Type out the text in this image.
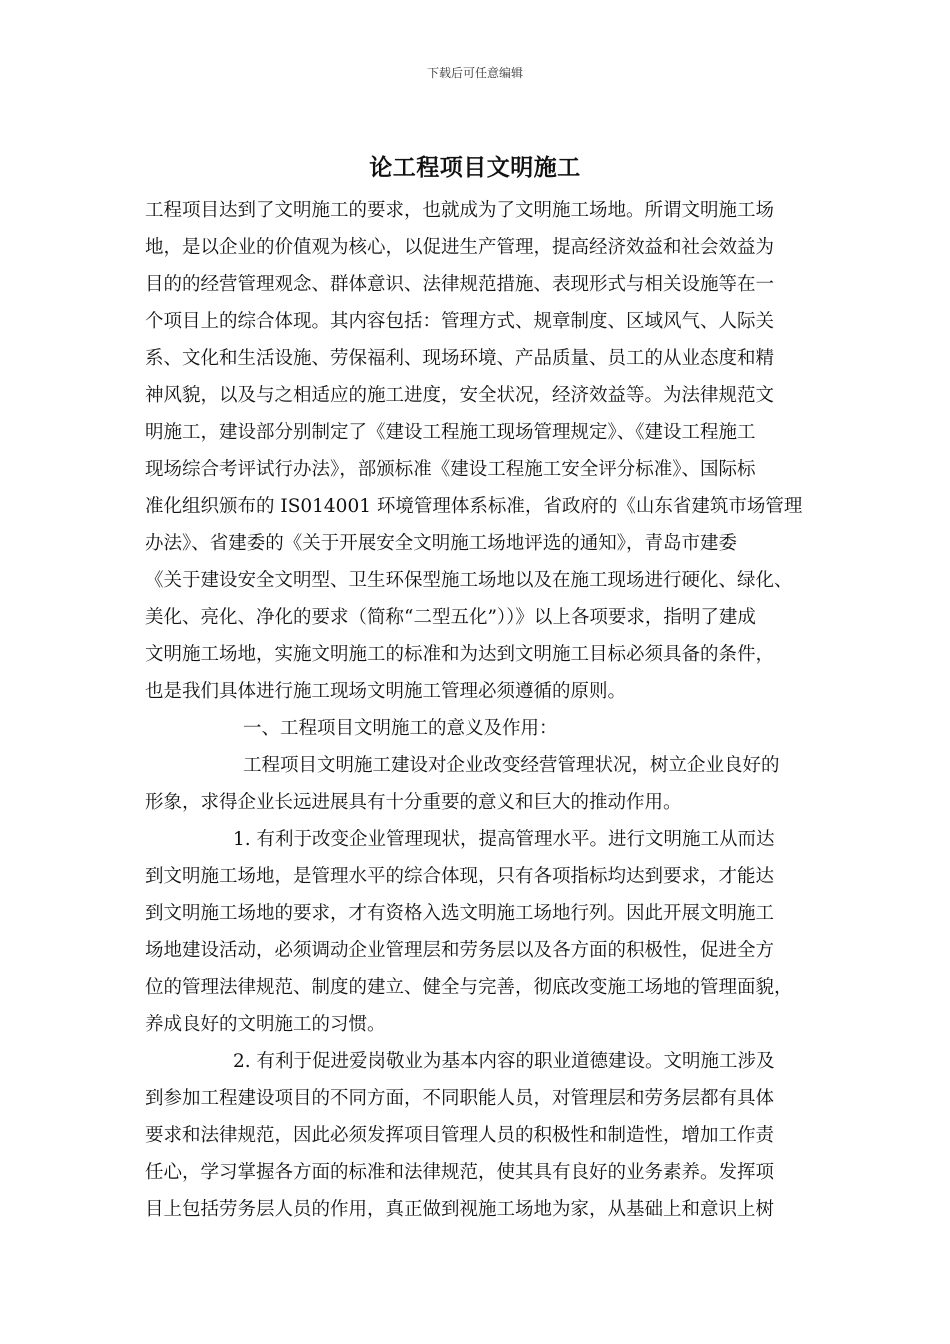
下载后可任意编辑
论工程项目文明施工
工程项目达到了文明施工的要求，也就成为了文明施工场地。所谓文明施工场
地，是以企业的价值观为核心，以促进生产管理，提高经济效益和社会效益为
目的的经营管理观念、群体意识、法律规范措施、表现形式与相关设施等在一
个项目上的综合体现。其内容包括：管理方式、规章制度、区域风气、人际关
系、文化和生活设施、劳保福利、现场环境、产品质量、员工的从业态度和精
神风貌，以及与之相适应的施工进度，安全状况，经济效益等。为法律规范文
明施工，建设部分别制定了《建设工程施工现场管理规定》、《建设工程施工
现场综合考评试行办法》，部颁标准《建设工程施工安全评分标准》、国际标
准化组织颁布的 IS014001 环境管理体系标准，省政府的《山东省建筑市场管理
办法》、省建委的《关于开展安全文明施工场地评选的通知》，青岛市建委
《关于建设安全文明型、卫生环保型施工场地以及在施工现场进行硬化、绿化、
美化、亮化、净化的要求（简称“二型五化”））》以上各项要求，指明了建成
文明施工场地，实施文明施工的标准和为达到文明施工目标必须具备的条件，
也是我们具体进行施工现场文明施工管理必须遵循的原则。
一、工程项目文明施工的意义及作用：
工程项目文明施工建设对企业改变经营管理状况，树立企业良好的
形象，求得企业长远进展具有十分重要的意义和巨大的推动作用。
1. 有利于改变企业管理现状，提高管理水平。进行文明施工从而达
到文明施工场地，是管理水平的综合体现，只有各项指标均达到要求，才能达
到文明施工场地的要求，才有资格入选文明施工场地行列。因此开展文明施工
场地建设活动，必须调动企业管理层和劳务层以及各方面的积极性，促进全方
位的管理法律规范、制度的建立、健全与完善，彻底改变施工场地的管理面貌，
养成良好的文明施工的习惯。
2. 有利于促进爱岗敬业为基本内容的职业道德建设。文明施工涉及
到参加工程建设项目的不同方面，不同职能人员，对管理层和劳务层都有具体
要求和法律规范，因此必须发挥项目管理人员的积极性和制造性，增加工作责
任心，学习掌握各方面的标准和法律规范，使其具有良好的业务素养。发挥项
目上包括劳务层人员的作用，真正做到视施工场地为家，从基础上和意识上树
